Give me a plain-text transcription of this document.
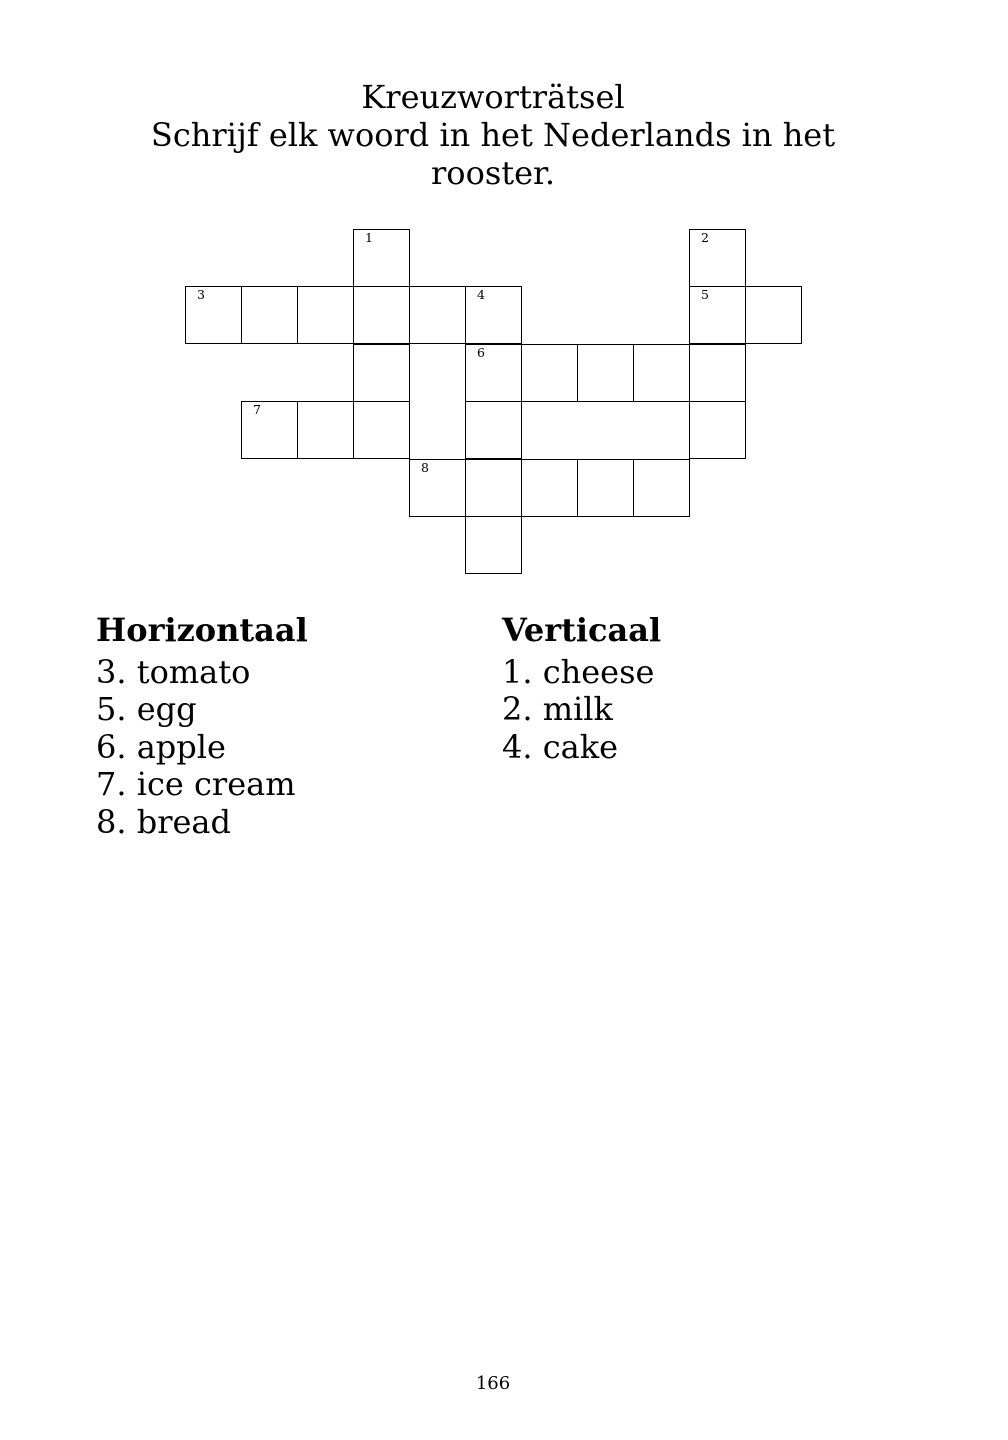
Kreuzworträtsel
Schrijf elk woord in het Nederlands in het rooster.
1	2
3	4	5
6
7
8
Horizontaal
3. tomato
5. egg
6. apple
7. ice cream
8. bread
Verticaal
1. cheese
2. milk
4. cake
166
